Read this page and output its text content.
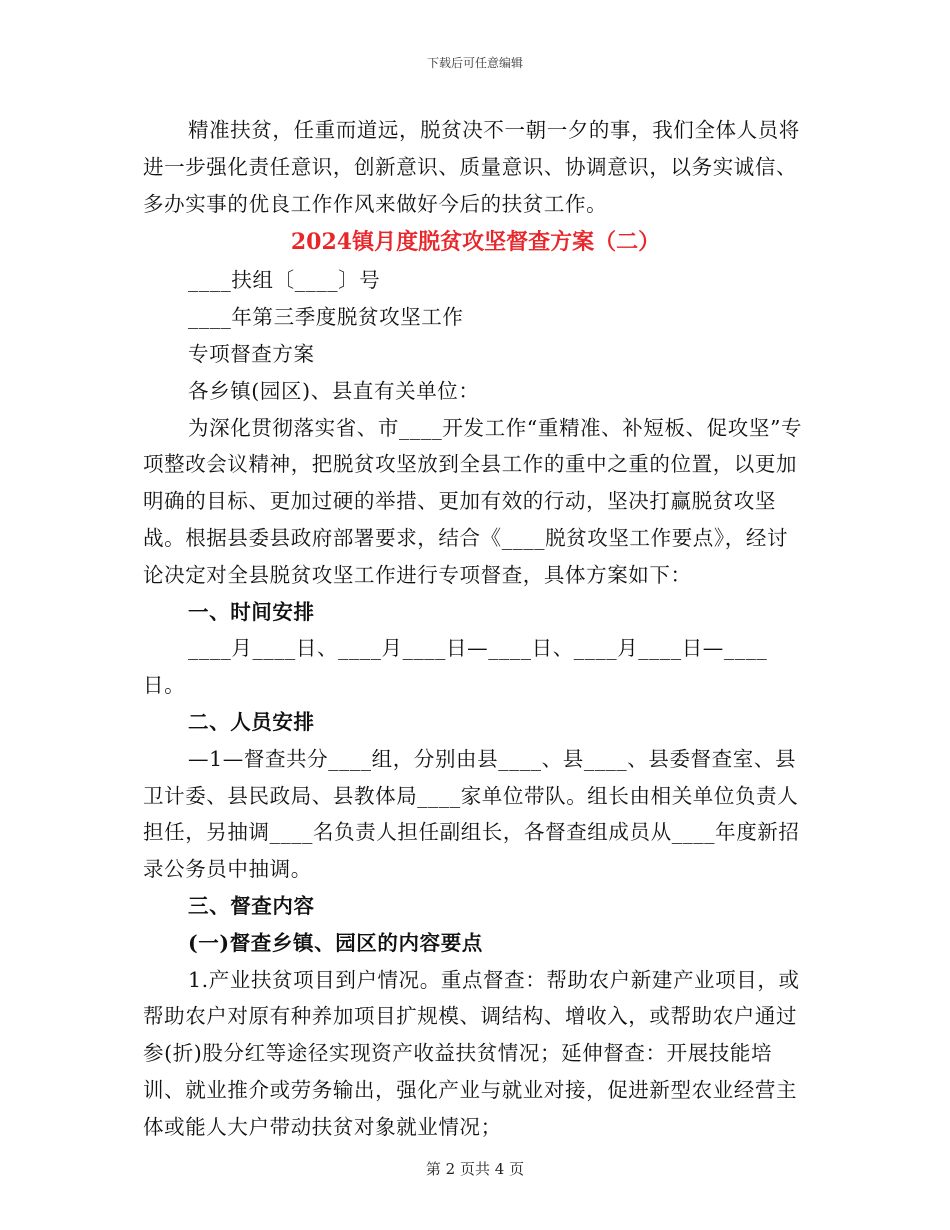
下载后可任意编辑

精准扶贫，任重而道远，脱贫决不一朝一夕的事，我们全体人员将进一步强化责任意识，创新意识、质量意识、协调意识，以务实诚信、多办实事的优良工作作风来做好今后的扶贫工作。

2024镇月度脱贫攻坚督查方案（二）

____扶组〔____〕号

____年第三季度脱贫攻坚工作

专项督查方案

各乡镇(园区)、县直有关单位：

为深化贯彻落实省、市____开发工作“重精准、补短板、促攻坚”专项整改会议精神，把脱贫攻坚放到全县工作的重中之重的位置，以更加明确的目标、更加过硬的举措、更加有效的行动，坚决打赢脱贫攻坚战。根据县委县政府部署要求，结合《____脱贫攻坚工作要点》，经讨论决定对全县脱贫攻坚工作进行专项督查，具体方案如下：

一、时间安排

____月____日、____月____日—____日、____月____日—____日。

二、人员安排

—1—督查共分____组，分别由县____、县____、县委督查室、县卫计委、县民政局、县教体局____家单位带队。组长由相关单位负责人担任，另抽调____名负责人担任副组长，各督查组成员从____年度新招录公务员中抽调。

三、督查内容

(一)督查乡镇、园区的内容要点

1.产业扶贫项目到户情况。重点督查：帮助农户新建产业项目，或帮助农户对原有种养加项目扩规模、调结构、增收入，或帮助农户通过参(折)股分红等途径实现资产收益扶贫情况；延伸督查：开展技能培训、就业推介或劳务输出，强化产业与就业对接，促进新型农业经营主体或能人大户带动扶贫对象就业情况；

第 2 页共 4 页
